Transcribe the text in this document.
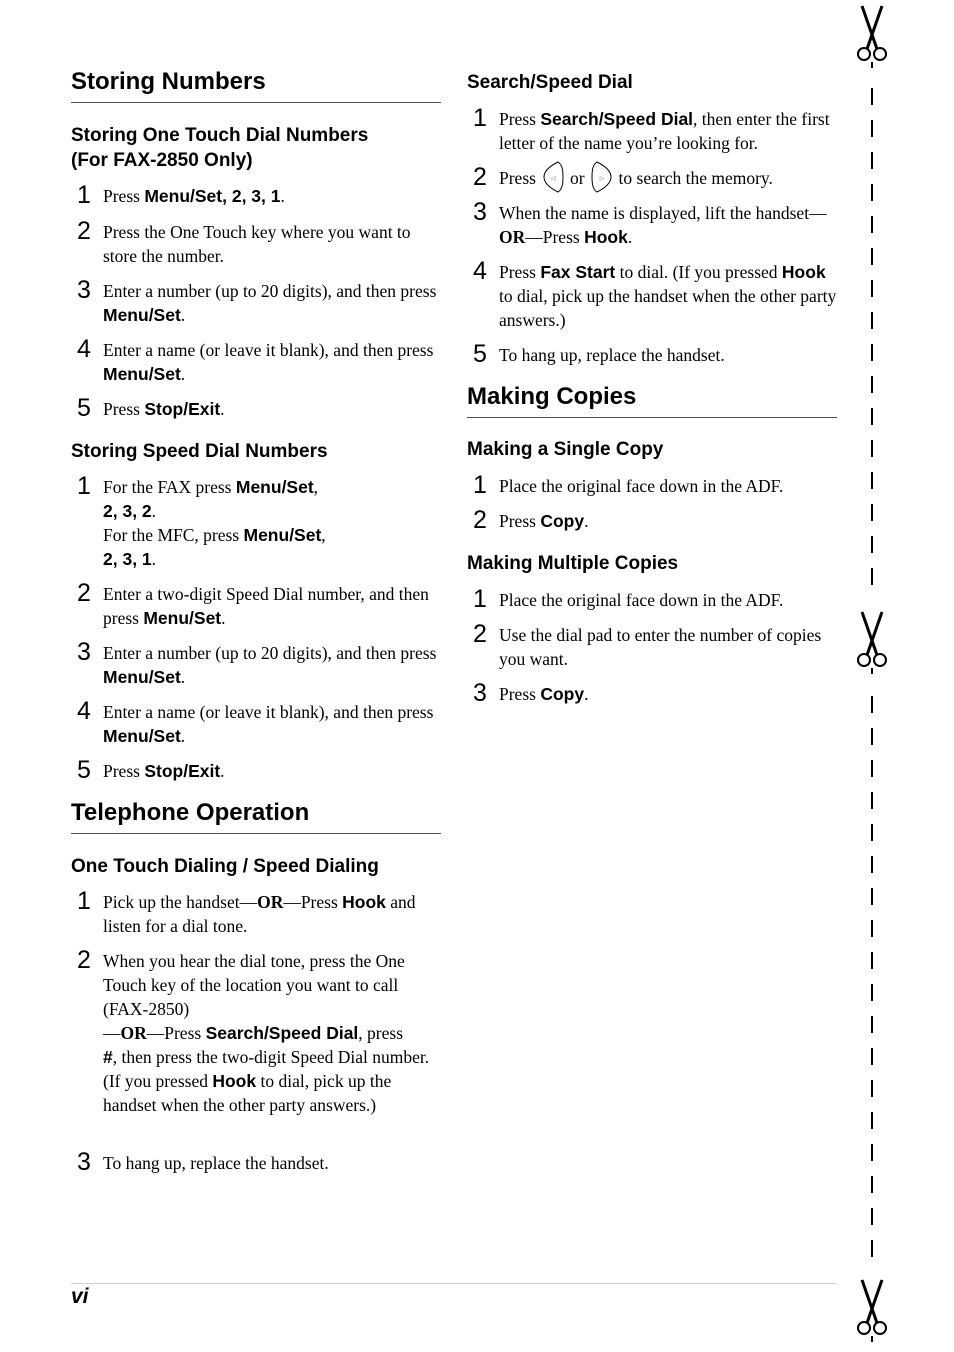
Storing Numbers
Storing One Touch Dial Numbers
(For FAX-2850 Only)
1 Press Menu/Set, 2, 3, 1.
2 Press the One Touch key where you want to store the number.
3 Enter a number (up to 20 digits), and then press Menu/Set.
4 Enter a name (or leave it blank), and then press Menu/Set.
5 Press Stop/Exit.
Storing Speed Dial Numbers
1 For the FAX press Menu/Set,
2, 3, 2.
For the MFC, press Menu/Set,
2, 3, 1.
2 Enter a two-digit Speed Dial number, and then press Menu/Set.
3 Enter a number (up to 20 digits), and then press Menu/Set.
4 Enter a name (or leave it blank), and then press Menu/Set.
5 Press Stop/Exit.
Telephone Operation
One Touch Dialing / Speed Dialing
1 Pick up the handset—OR—Press Hook and listen for a dial tone.
2 When you hear the dial tone, press the One Touch key of the location you want to call (FAX-2850)
—OR—Press Search/Speed Dial, press
#, then press the two-digit Speed Dial number. (If you pressed Hook to dial, pick up the handset when the other party answers.)
3 To hang up, replace the handset.
Search/Speed Dial
1 Press Search/Speed Dial, then enter the first letter of the name you’re looking for.
2 Press ◁ or ▷ to search the memory.
3 When the name is displayed, lift the handset—OR—Press Hook.
4 Press Fax Start to dial. (If you pressed Hook to dial, pick up the handset when the other party answers.)
5 To hang up, replace the handset.
Making Copies
Making a Single Copy
1 Place the original face down in the ADF.
2 Press Copy.
Making Multiple Copies
1 Place the original face down in the ADF.
2 Use the dial pad to enter the number of copies you want.
3 Press Copy.
vi
